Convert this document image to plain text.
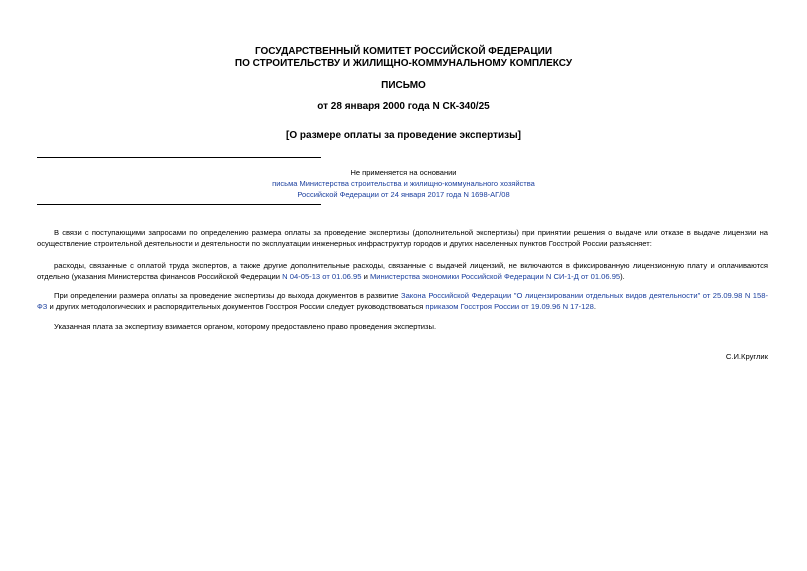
ГОСУДАРСТВЕННЫЙ КОМИТЕТ РОССИЙСКОЙ ФЕДЕРАЦИИ
ПО СТРОИТЕЛЬСТВУ И ЖИЛИЩНО-КОММУНАЛЬНОМУ КОМПЛЕКСУ
ПИСЬМО
от 28 января 2000 года N СК-340/25
[О размере оплаты за проведение экспертизы]
Не применяется на основании
письма Министерства строительства и жилищно-коммунального хозяйства
Российской Федерации от 24 января 2017 года N 1698-АГ/08
В связи с поступающими запросами по определению размера оплаты за проведение экспертизы (дополнительной экспертизы) при принятии решения о выдаче или отказе в выдаче лицензии на осуществление строительной деятельности и деятельности по эксплуатации инженерных инфраструктур городов и других населенных пунктов Госстрой России разъясняет:
расходы, связанные с оплатой труда экспертов, а также другие дополнительные расходы, связанные с выдачей лицензий, не включаются в фиксированную лицензионную плату и оплачиваются отдельно (указания Министерства финансов Российской Федерации N 04-05-13 от 01.06.95 и Министерства экономики Российской Федерации N СИ-1-Д от 01.06.95).
При определении размера оплаты за проведение экспертизы до выхода документов в развитие Закона Российской Федерации "О лицензировании отдельных видов деятельности" от 25.09.98 N 158-ФЗ и других методологических и распорядительных документов Госстроя России следует руководствоваться приказом Госстроя России от 19.09.96 N 17-128.
Указанная плата за экспертизу взимается органом, которому предоставлено право проведения экспертизы.
С.И.Круглик
